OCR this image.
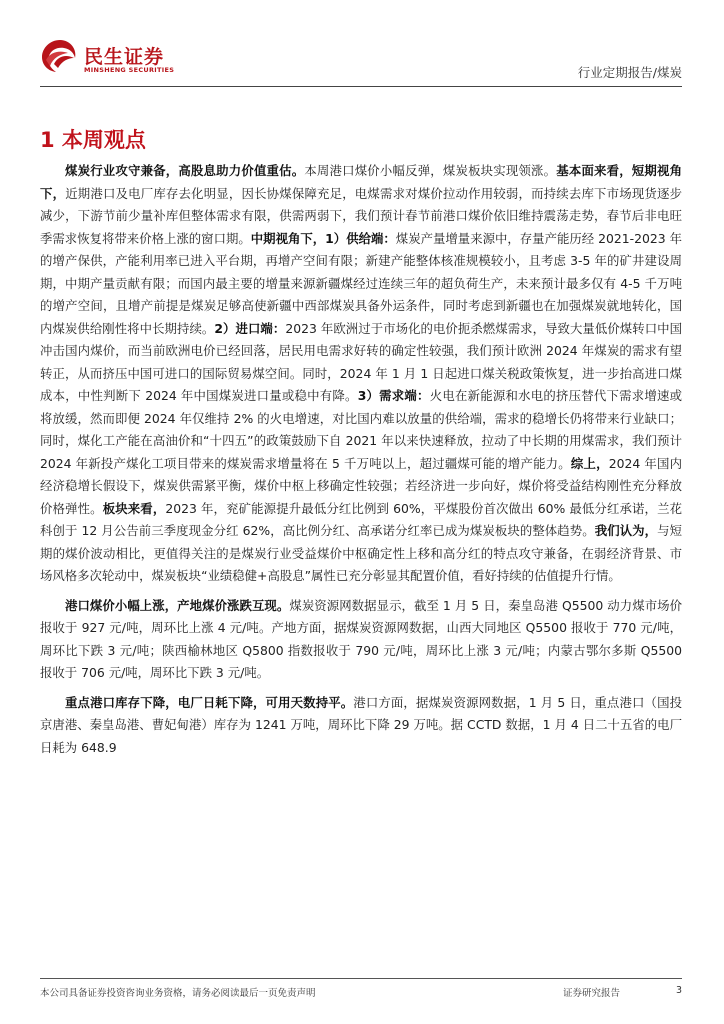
民生证券
MINSHENG SECURITIES	行业定期报告/煤炭
1 本周观点

煤炭行业攻守兼备，高股息助力价值重估。本周港口煤价小幅反弹，煤炭板块实现领涨。基本面来看，短期视角下，近期港口及电厂库存去化明显，因长协煤保障充足，电煤需求对煤价拉动作用较弱，而持续去库下市场现货逐步减少，下游节前少量补库但整体需求有限，供需两弱下，我们预计春节前港口煤价依旧维持震荡走势，春节后非电旺季需求恢复将带来价格上涨的窗口期。中期视角下，1）供给端：煤炭产量增量来源中，存量产能历经 2021-2023 年的增产保供，产能利用率已进入平台期，再增产空间有限；新建产能整体核准规模较小，且考虑 3-5 年的矿井建设周期，中期产量贡献有限；而国内最主要的增量来源新疆煤经过连续三年的超负荷生产，未来预计最多仅有 4-5 千万吨的增产空间，且增产前提是煤炭足够高使新疆中西部煤炭具备外运条件，同时考虑到新疆也在加强煤炭就地转化，国内煤炭供给刚性将中长期持续。2）进口端：2023 年欧洲过于市场化的电价扼杀燃煤需求，导致大量低价煤转口中国冲击国内煤价，而当前欧洲电价已经回落，居民用电需求好转的确定性较强，我们预计欧洲 2024 年煤炭的需求有望转正，从而挤压中国可进口的国际贸易煤空间。同时，2024 年 1 月 1 日起进口煤关税政策恢复，进一步抬高进口煤成本，中性判断下 2024 年中国煤炭进口量或稳中有降。3）需求端：火电在新能源和水电的挤压替代下需求增速或将放缓，然而即便 2024 年仅维持 2% 的火电增速，对比国内难以放量的供给端，需求的稳增长仍将带来行业缺口；同时，煤化工产能在高油价和“十四五”的政策鼓励下自 2021 年以来快速释放，拉动了中长期的用煤需求，我们预计 2024 年新投产煤化工项目带来的煤炭需求增量将在 5 千万吨以上，超过疆煤可能的增产能力。综上，2024 年国内经济稳增长假设下，煤炭供需紧平衡，煤价中枢上移确定性较强；若经济进一步向好，煤价将受益结构刚性充分释放价格弹性。板块来看，2023 年，兖矿能源提升最低分红比例到 60%，平煤股份首次做出 60% 最低分红承诺，兰花科创于 12 月公告前三季度现金分红 62%，高比例分红、高承诺分红率已成为煤炭板块的整体趋势。我们认为，与短期的煤价波动相比，更值得关注的是煤炭行业受益煤价中枢确定性上移和高分红的特点攻守兼备，在弱经济背景、市场风格多次轮动中，煤炭板块“业绩稳健+高股息”属性已充分彰显其配置价值，看好持续的估值提升行情。

港口煤价小幅上涨，产地煤价涨跌互现。煤炭资源网数据显示，截至 1 月 5 日，秦皇岛港 Q5500 动力煤市场价报收于 927 元/吨，周环比上涨 4 元/吨。产地方面，据煤炭资源网数据，山西大同地区 Q5500 报收于 770 元/吨，周环比下跌 3 元/吨；陕西榆林地区 Q5800 指数报收于 790 元/吨，周环比上涨 3 元/吨；内蒙古鄂尔多斯 Q5500 报收于 706 元/吨，周环比下跌 3 元/吨。

重点港口库存下降，电厂日耗下降，可用天数持平。港口方面，据煤炭资源网数据，1 月 5 日，重点港口（国投京唐港、秦皇岛港、曹妃甸港）库存为 1241 万吨，周环比下降 29 万吨。据 CCTD 数据，1 月 4 日二十五省的电厂日耗为 648.9

本公司具备证券投资咨询业务资格，请务必阅读最后一页免责声明	证券研究报告	3
